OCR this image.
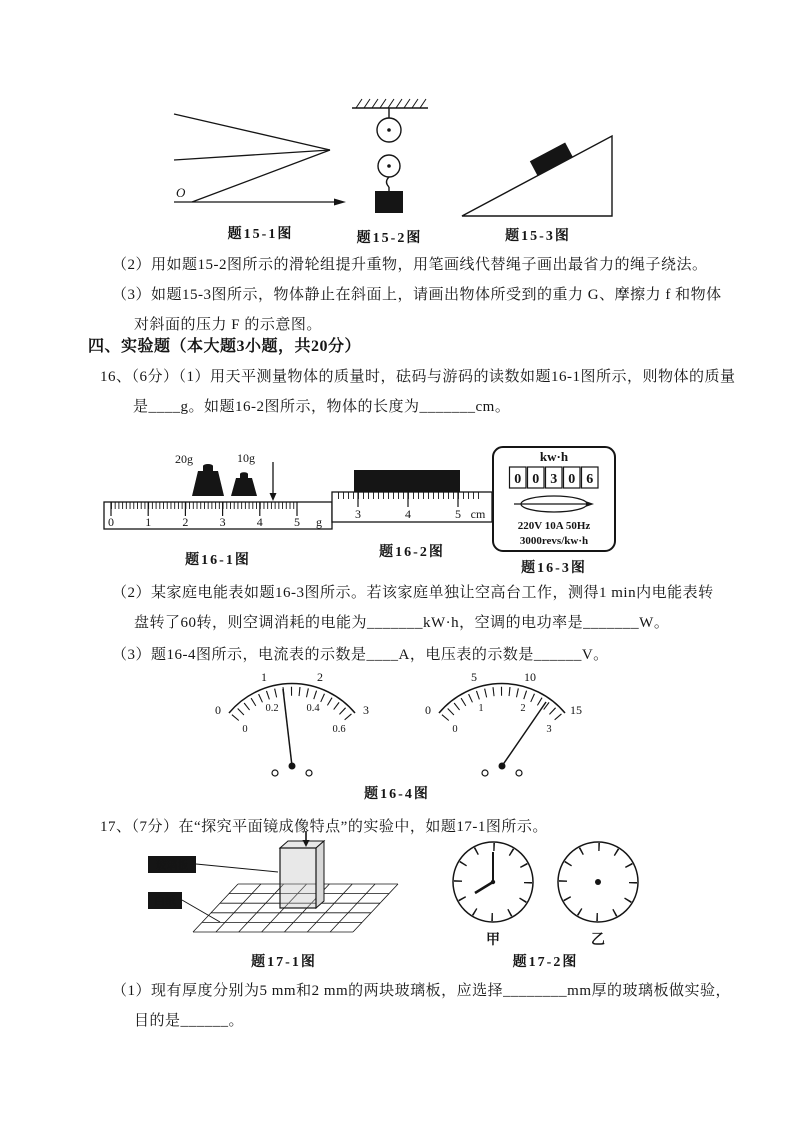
O
题15-1图	题15-2图	题15-3图
（2）用如题15-2图所示的滑轮组提升重物，用笔画线代替绳子画出最省力的绳子绕法。
（3）如题15-3图所示，物体静止在斜面上，请画出物体所受到的重力 G、摩擦力 f 和物体对斜面的压力 F 的示意图。
四、实验题（本大题3小题，共20分）
16、（6分）（1）用天平测量物体的质量时，砝码与游码的读数如题16-1图所示，则物体的质量是____g。如题16-2图所示，物体的长度为_______cm。
20g	10g
0	1	2	3	4	5 g
题16-1图
3	4	5 cm
题16-2图
kw·h
0 0 3 0 6
220V 10A 50Hz
3000revs/kw·h
题16-3图
（2）某家庭电能表如题16-3图所示。若该家庭单独让空高台工作，测得1 min内电能表转盘转了60转，则空调消耗的电能为_______kW·h，空调的电功率是_______W。
（3）题16-4图所示，电流表的示数是____A，电压表的示数是______V。
0
1	2
3
0
0.2	0.4
0.6
0
5	10
15
0
1	2
3
题16-4图
17、（7分）在“探究平面镜成像特点”的实验中，如题17-1图所示。
玻璃板
白纸
题17-1图
甲	乙
题17-2图
（1）现有厚度分别为5 mm和2 mm的两块玻璃板，应选择________mm厚的玻璃板做实验，目的是______。
